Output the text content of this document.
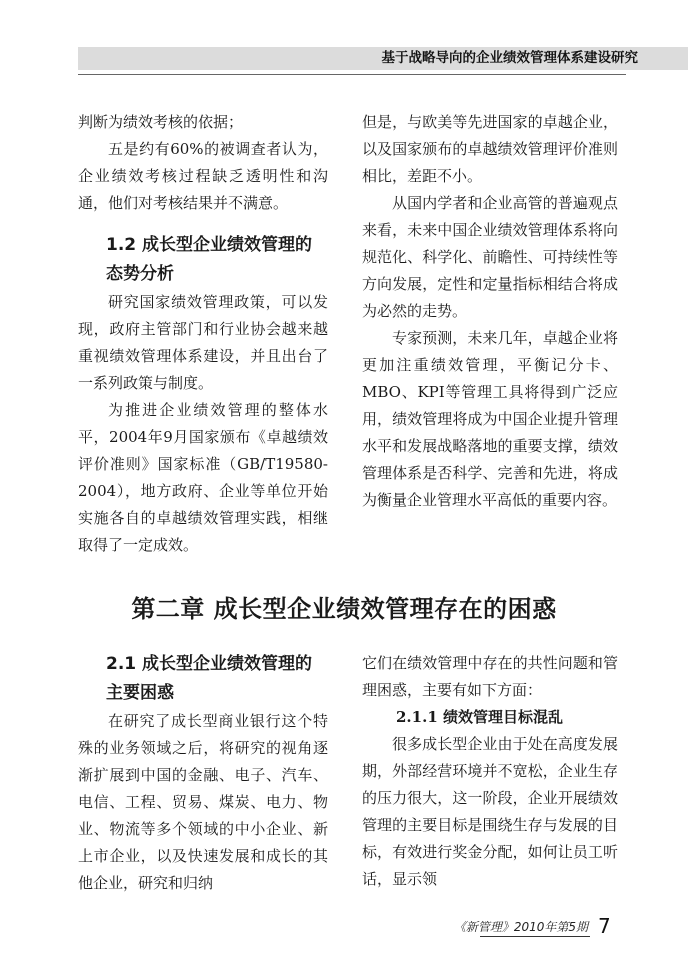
基于战略导向的企业绩效管理体系建设研究

判断为绩效考核的依据；

五是约有60%的被调查者认为，企业绩效考核过程缺乏透明性和沟通，他们对考核结果并不满意。

1.2 成长型企业绩效管理的态势分析

研究国家绩效管理政策，可以发现，政府主管部门和行业协会越来越重视绩效管理体系建设，并且出台了一系列政策与制度。

为推进企业绩效管理的整体水平，2004年9月国家颁布《卓越绩效评价准则》国家标准（GB/T19580-2004），地方政府、企业等单位开始实施各自的卓越绩效管理实践，相继取得了一定成效。

但是，与欧美等先进国家的卓越企业，以及国家颁布的卓越绩效管理评价准则相比，差距不小。

从国内学者和企业高管的普遍观点来看，未来中国企业绩效管理体系将向规范化、科学化、前瞻性、可持续性等方向发展，定性和定量指标相结合将成为必然的走势。

专家预测，未来几年，卓越企业将更加注重绩效管理，平衡记分卡、MBO、KPI等管理工具将得到广泛应用，绩效管理将成为中国企业提升管理水平和发展战略落地的重要支撑，绩效管理体系是否科学、完善和先进，将成为衡量企业管理水平高低的重要内容。

第二章 成长型企业绩效管理存在的困惑
2.1 成长型企业绩效管理的主要困惑

在研究了成长型商业银行这个特殊的业务领域之后，将研究的视角逐渐扩展到中国的金融、电子、汽车、电信、工程、贸易、煤炭、电力、物业、物流等多个领域的中小企业、新上市企业，以及快速发展和成长的其他企业，研究和归纳

它们在绩效管理中存在的共性问题和管理困惑，主要有如下方面：

2.1.1 绩效管理目标混乱

很多成长型企业由于处在高度发展期，外部经营环境并不宽松，企业生存的压力很大，这一阶段，企业开展绩效管理的主要目标是围绕生存与发展的目标，有效进行奖金分配，如何让员工听话，显示领

《新管理》2010年第5期 7
